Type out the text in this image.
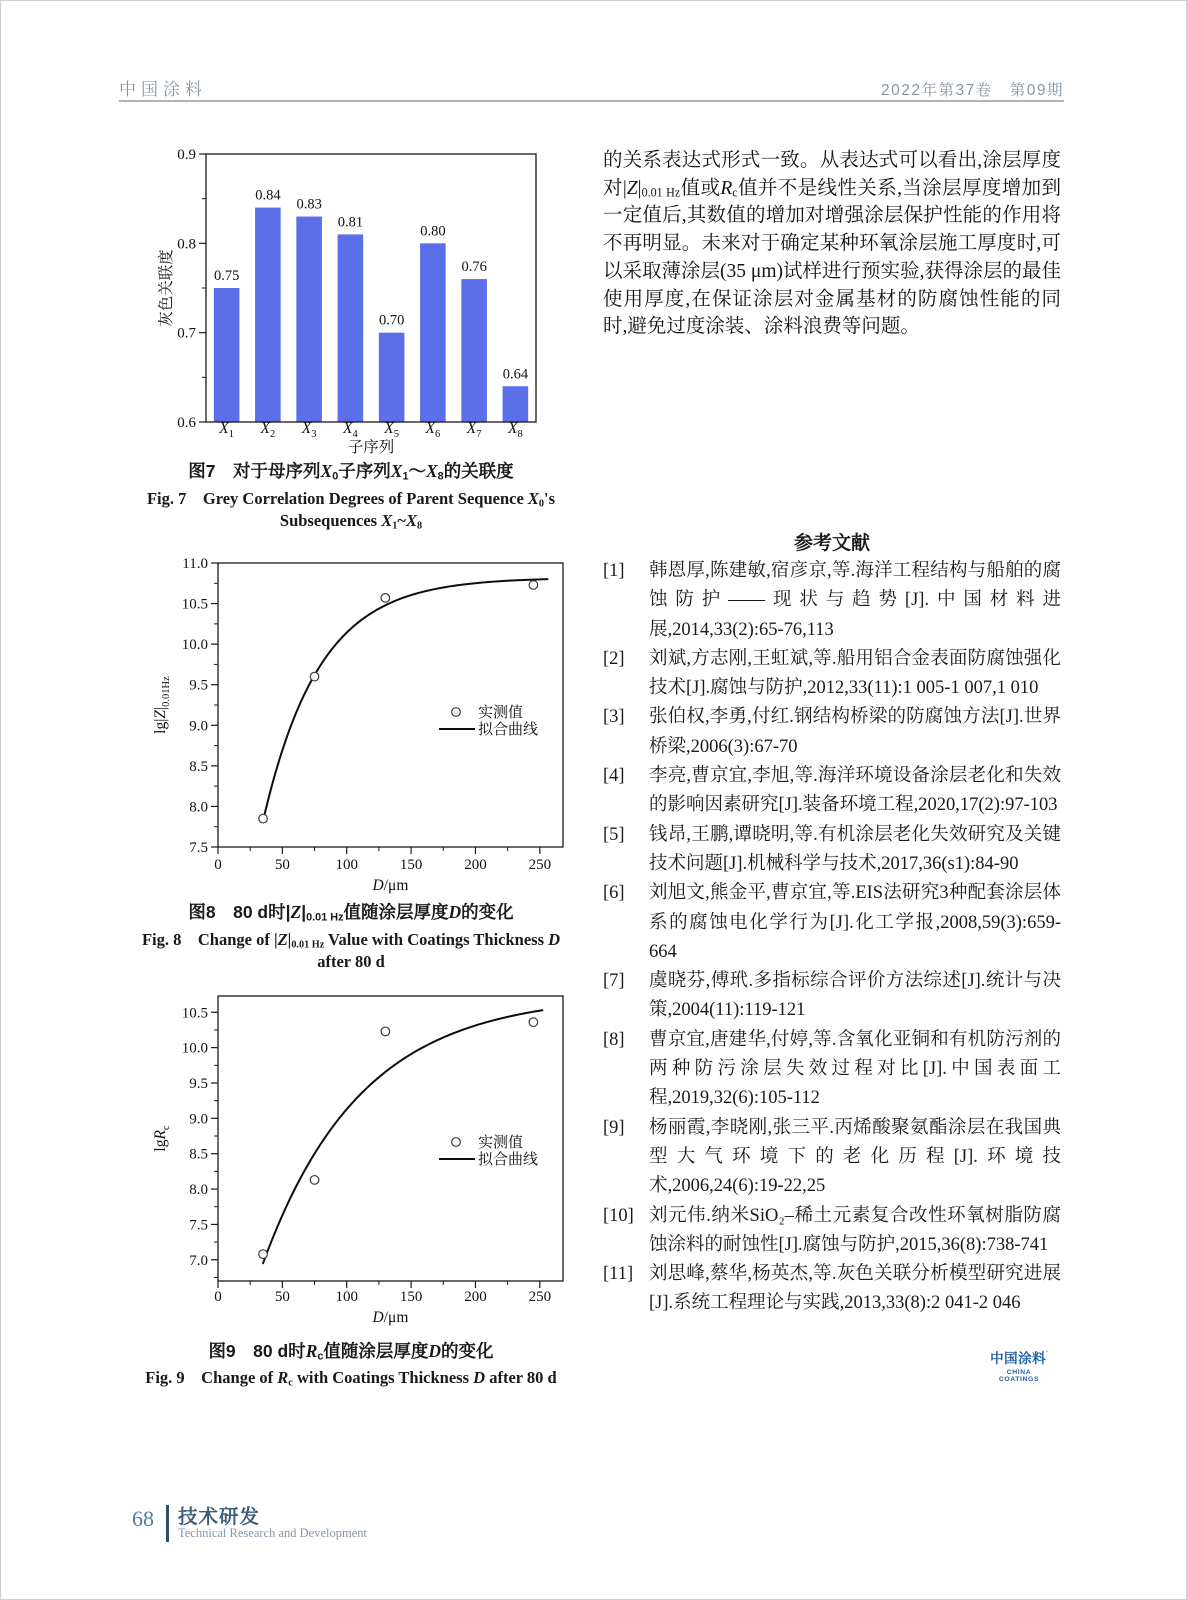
中国涂料	2022年第37卷　第09期
0.75
0.84
0.83
0.81
0.70
0.80
0.76
0.64
0.6
0.7
0.8
0.9
$X_1$ $X_2$ $X_3$ $X_4$ $X_5$ $X_6$ $X_7$ $X_8$
子序列
灰色关联度
图7　对于母序列$X_0$子序列$X_1\sim X_8$的关联度
Fig. 7　Grey Correlation Degrees of Parent Sequence $X_0's$
Subsequences $X_1\sim X_8$
0	50	100	150	200	250
7.5
8.0
8.5
9.0
9.5
10.0
10.5
11.0
实测值
拟合曲线
D/μm
$\lg|Z|_{0.01Hz}$
图8　80 d时$|Z|_{0.01 Hz}$值随涂层厚度D的变化
Fig. 8　Change of $|Z|_{0.01 Hz}$ Value with Coatings Thickness D
after 80 d
0	50	100	150	200	250
7.0
7.5
8.0
8.5
9.0
9.5
10.0
10.5
实测值
拟合曲线
D/μm
lgR$_c$
图9　80 d时$R_c$值随涂层厚度D的变化
Fig. 9　Change of $R_c$ with Coatings Thickness D after 80 d
的关系表达式形式一致。从表达式可以看出,涂层厚度对$|Z|_{0.01 Hz}$值或$R_c$值并不是线性关系,当涂层厚度增加到一定值后,其数值的增加对增强涂层保护性能的作用将不再明显。未来对于确定某种环氧涂层施工厚度时,可以采取薄涂层(35 μm)试样进行预实验,获得涂层的最佳使用厚度,在保证涂层对金属基材的防腐蚀性能的同时,避免过度涂装、涂料浪费等问题。
参考文献
[1] 韩恩厚,陈建敏,宿彦京,等.海洋工程结构与船舶的腐蚀防护——现状与趋势[J].中国材料进展,2014,33(2):65-76,113
[2] 刘斌,方志刚,王虹斌,等.船用铝合金表面防腐蚀强化技术[J].腐蚀与防护,2012,33(11):1 005-1 007,1 010
[3] 张伯权,李勇,付红.钢结构桥梁的防腐蚀方法[J].世界桥梁,2006(3):67-70
[4] 李亮,曹京宜,李旭,等.海洋环境设备涂层老化和失效的影响因素研究[J].装备环境工程,2020,17(2):97-103
[5] 钱昂,王鹏,谭晓明,等.有机涂层老化失效研究及关键技术问题[J].机械科学与技术,2017,36(s1):84-90
[6] 刘旭文,熊金平,曹京宜,等.EIS法研究3种配套涂层体系的腐蚀电化学行为[J].化工学报,2008,59(3):659-664
[7] 虞晓芬,傅玳.多指标综合评价方法综述[J].统计与决策,2004(11):119-121
[8] 曹京宜,唐建华,付婷,等.含氧化亚铜和有机防污剂的两种防污涂层失效过程对比[J].中国表面工程,2019,32(6):105-112
[9] 杨丽霞,李晓刚,张三平.丙烯酸聚氨酯涂层在我国典型大气环境下的老化历程[J].环境技术,2006,24(6):19-22,25
[10] 刘元伟.纳米SiO₂–稀土元素复合改性环氧树脂防腐蚀涂料的耐蚀性[J].腐蚀与防护,2015,36(8):738-741
[11] 刘思峰,蔡华,杨英杰,等.灰色关联分析模型研究进展[J].系统工程理论与实践,2013,33(8):2 041-2 046
中国涂料’
CHINA COATINGS
68 技术研发
Technical Research and Development
